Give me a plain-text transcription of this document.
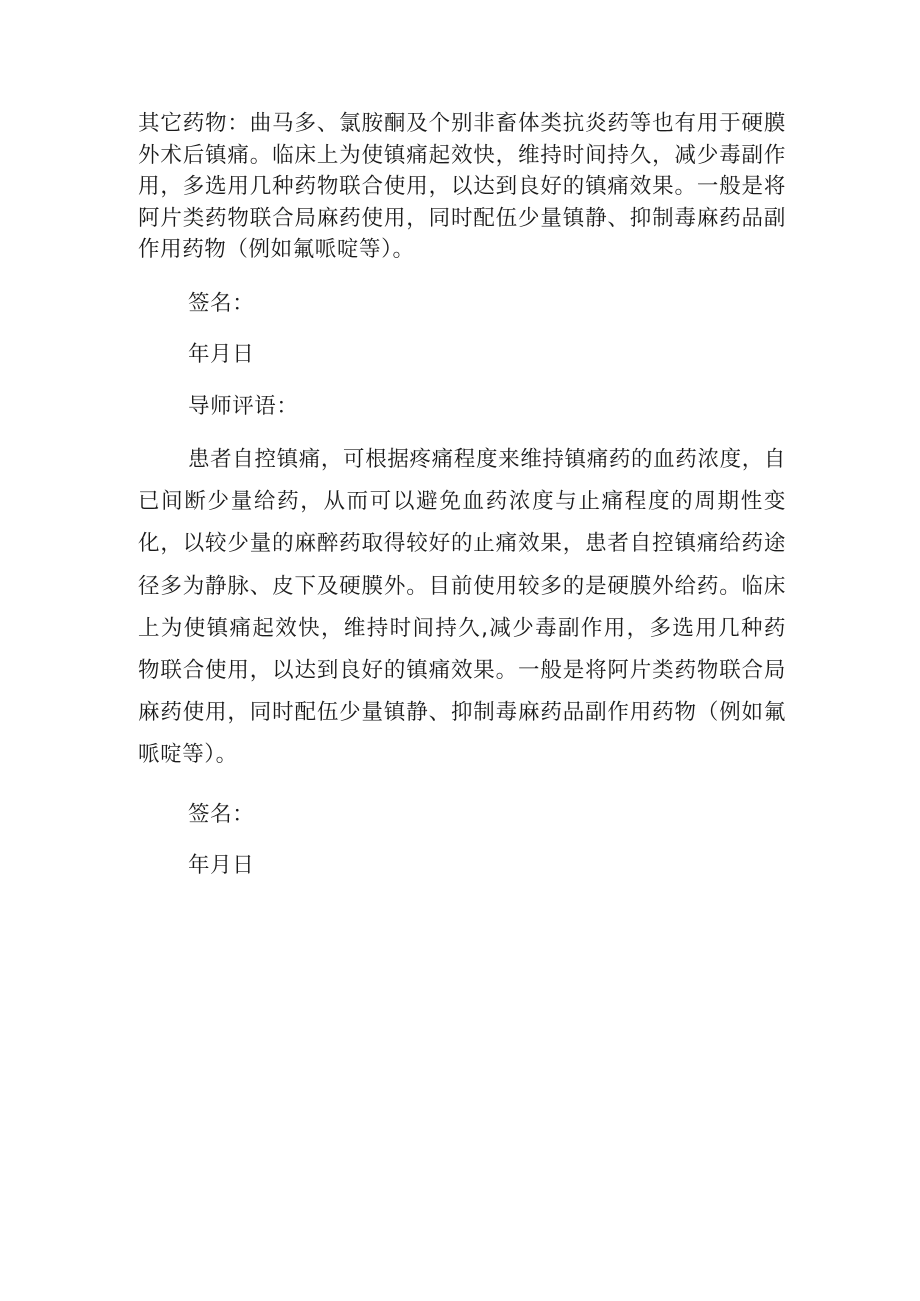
其它药物：曲马多、氯胺酮及个别非畜体类抗炎药等也有用于硬膜外术后镇痛。临床上为使镇痛起效快，维持时间持久，减少毒副作用，多选用几种药物联合使用，以达到良好的镇痛效果。一般是将阿片类药物联合局麻药使用，同时配伍少量镇静、抑制毒麻药品副作用药物（例如氟哌啶等）。

签名：

年月日

导师评语：

患者自控镇痛，可根据疼痛程度来维持镇痛药的血药浓度，自已间断少量给药，从而可以避免血药浓度与止痛程度的周期性变化，以较少量的麻醉药取得较好的止痛效果，患者自控镇痛给药途径多为静脉、皮下及硬膜外。目前使用较多的是硬膜外给药。临床上为使镇痛起效快，维持时间持久,减少毒副作用，多选用几种药物联合使用，以达到良好的镇痛效果。一般是将阿片类药物联合局麻药使用，同时配伍少量镇静、抑制毒麻药品副作用药物（例如氟哌啶等）。

签名：

年月日
